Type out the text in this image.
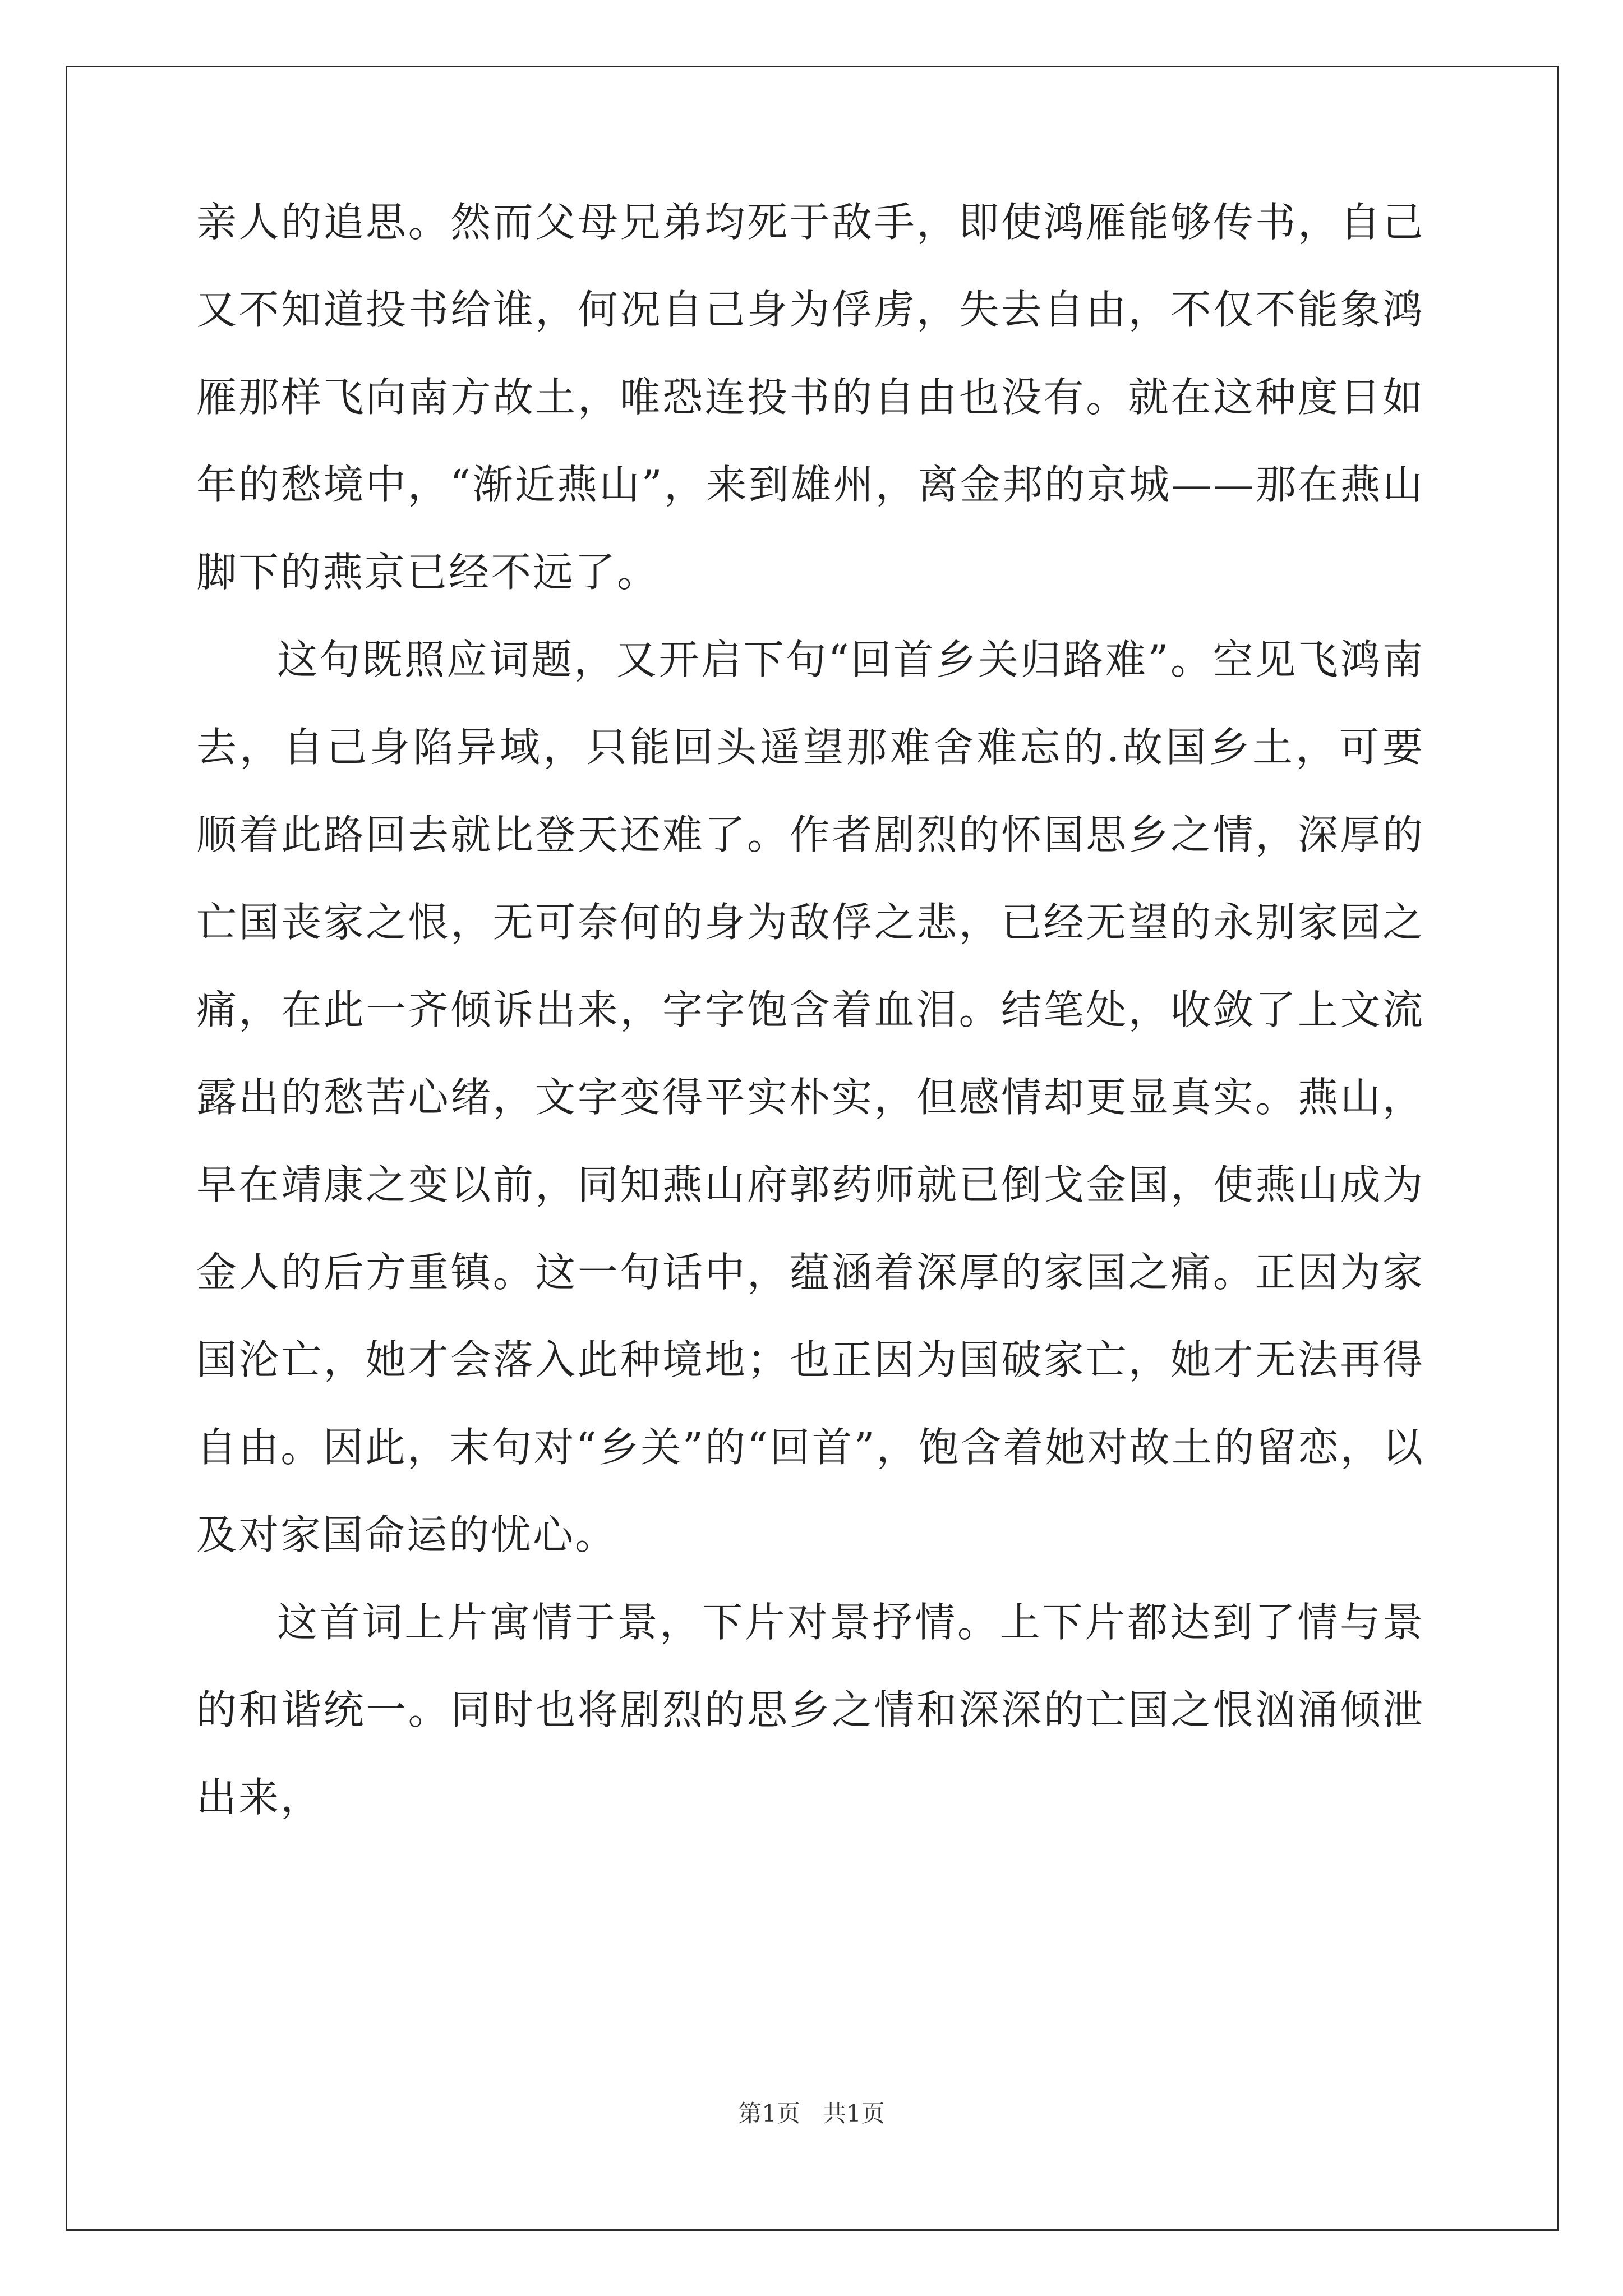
亲人的追思。然而父母兄弟均死于敌手，即使鸿雁能够传书，自己又不知道投书给谁，何况自己身为俘虏，失去自由，不仅不能象鸿雁那样飞向南方故土，唯恐连投书的自由也没有。就在这种度日如年的愁境中，“渐近燕山”，来到雄州，离金邦的京城——那在燕山脚下的燕京已经不远了。

这句既照应词题，又开启下句“回首乡关归路难”。空见飞鸿南去，自己身陷异域，只能回头遥望那难舍难忘的.故国乡土，可要顺着此路回去就比登天还难了。作者剧烈的怀国思乡之情，深厚的亡国丧家之恨，无可奈何的身为敌俘之悲，已经无望的永别家园之痛，在此一齐倾诉出来，字字饱含着血泪。结笔处，收敛了上文流露出的愁苦心绪，文字变得平实朴实，但感情却更显真实。燕山，早在靖康之变以前，同知燕山府郭药师就已倒戈金国，使燕山成为金人的后方重镇。这一句话中，蕴涵着深厚的家国之痛。正因为家国沦亡，她才会落入此种境地；也正因为国破家亡，她才无法再得自由。因此，末句对“乡关”的“回首”，饱含着她对故土的留恋，以及对家国命运的忧心。

这首词上片寓情于景，下片对景抒情。上下片都达到了情与景的和谐统一。同时也将剧烈的思乡之情和深深的亡国之恨汹涌倾泄出来，

第1页   共1页
